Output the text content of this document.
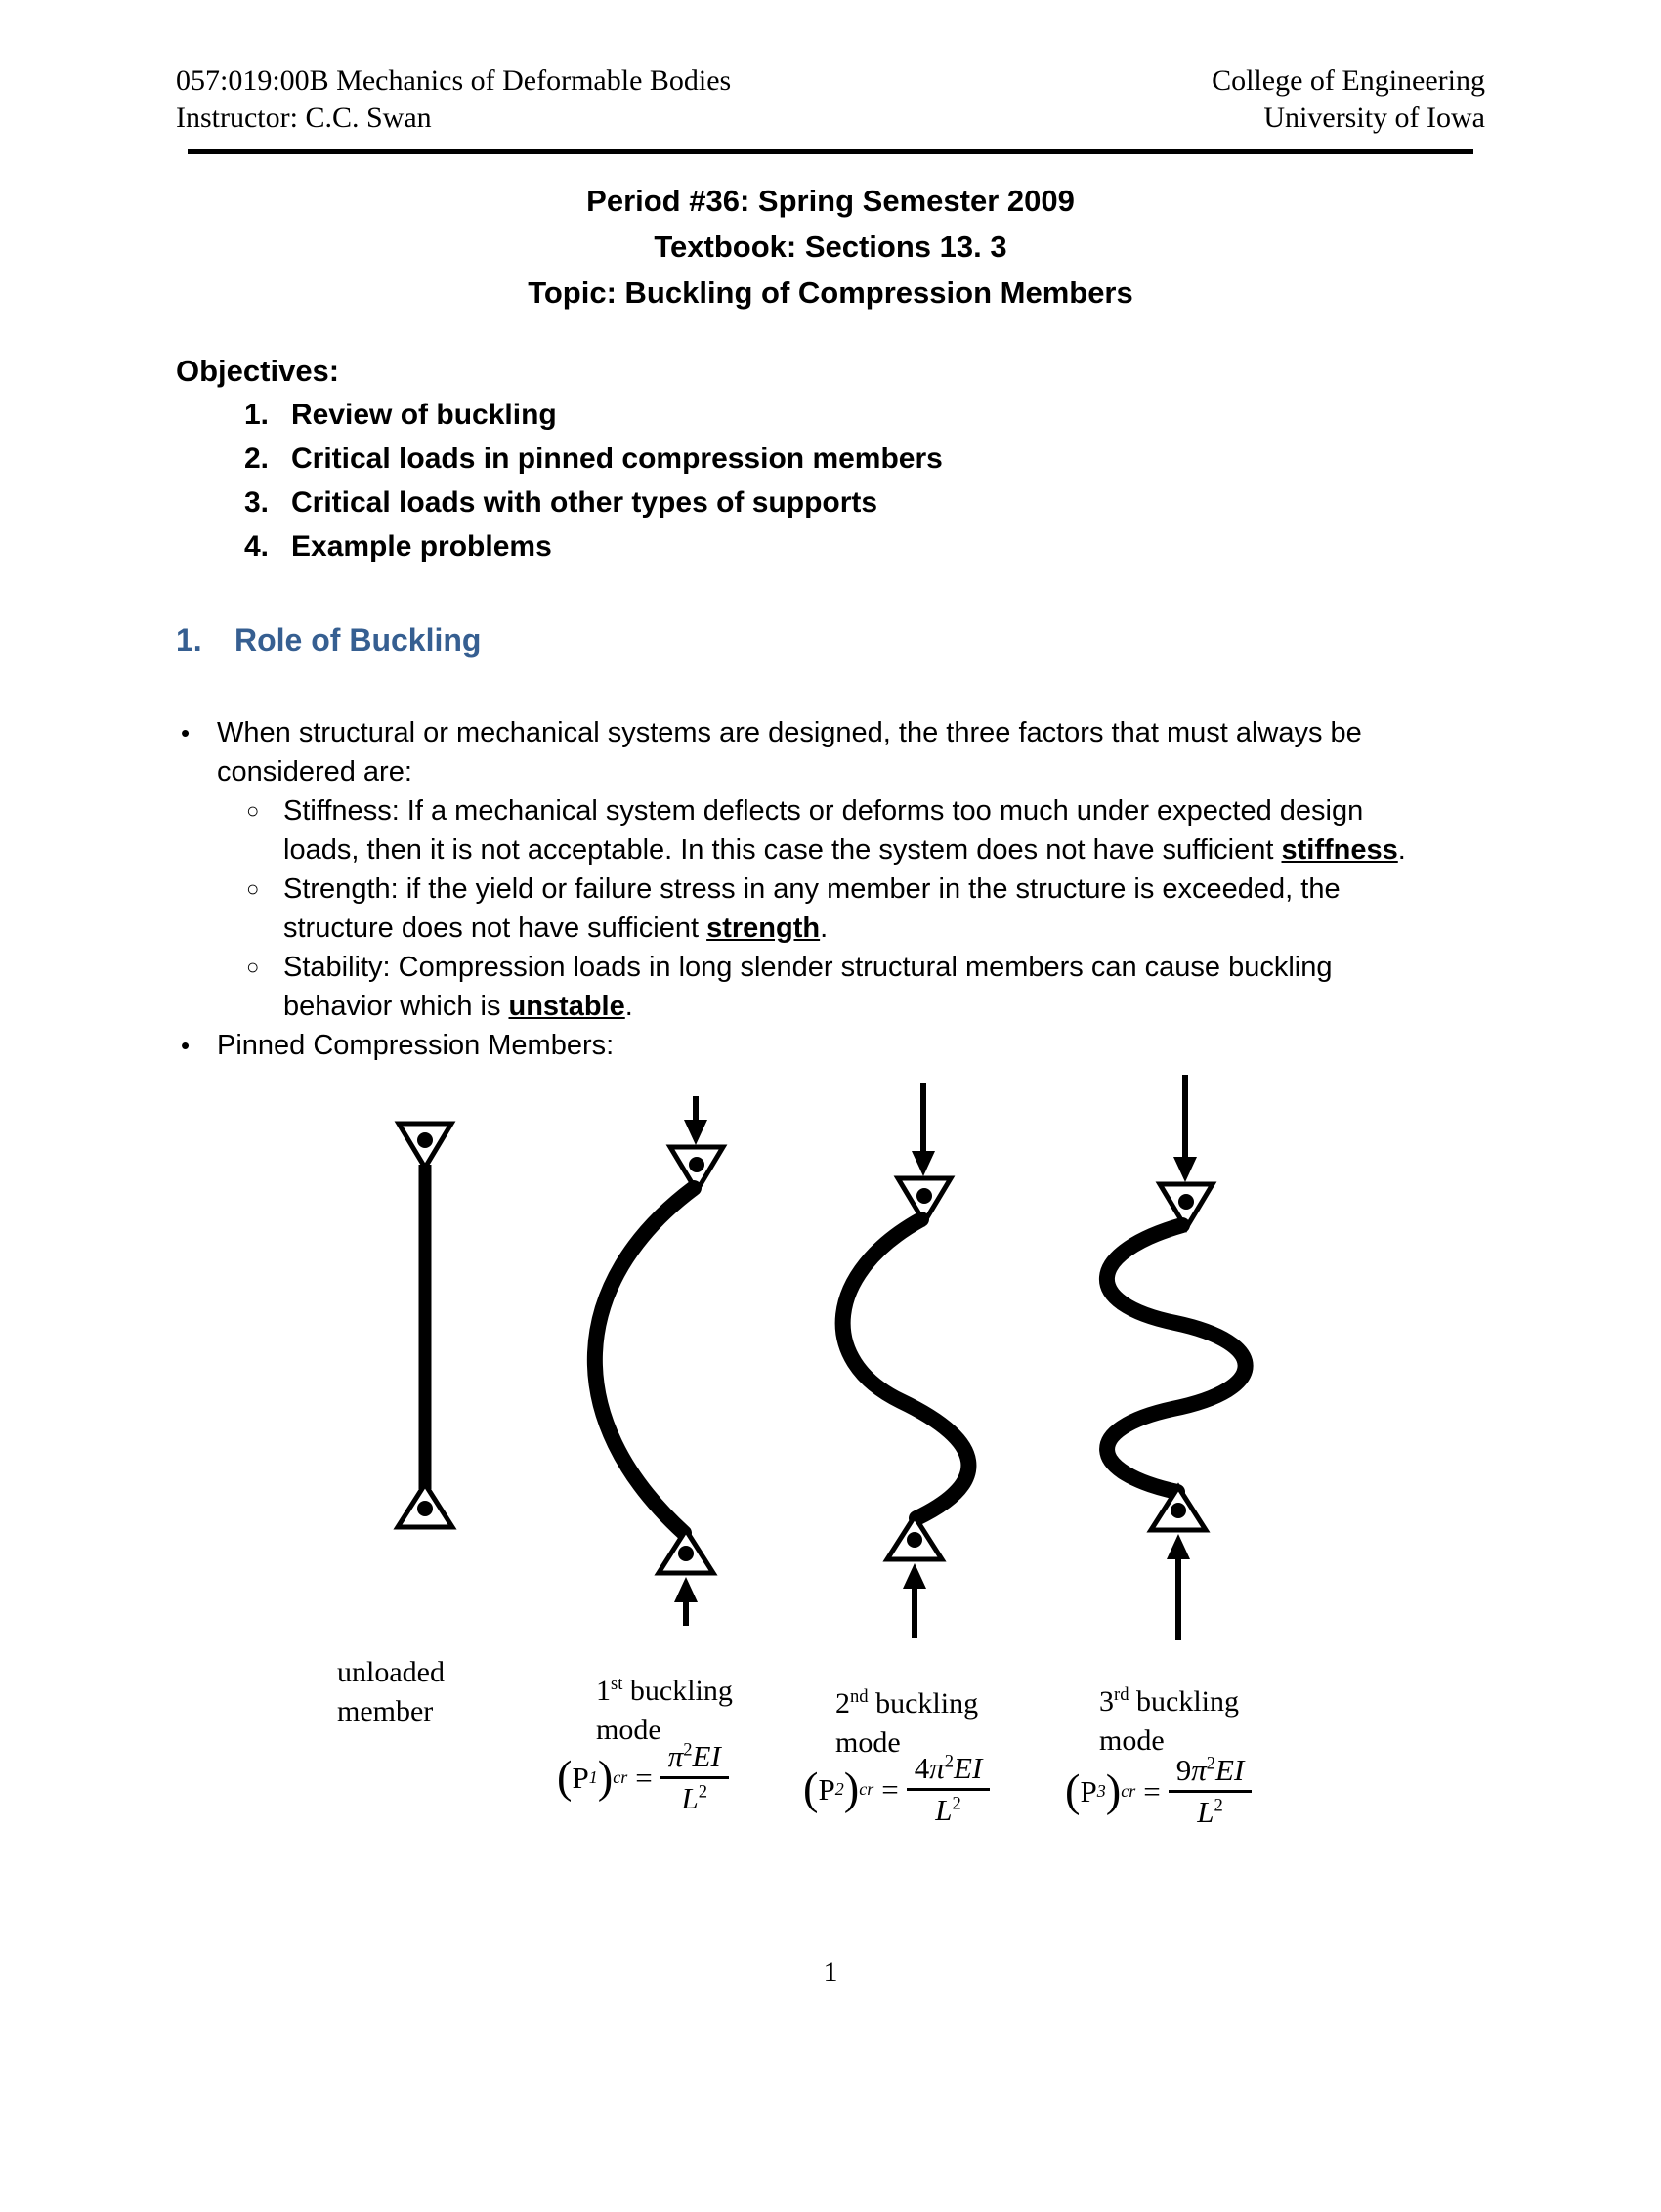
057:019:00B Mechanics of Deformable Bodies
Instructor: C.C. Swan
College of Engineering
University of Iowa
Period #36: Spring Semester 2009
Textbook: Sections 13. 3
Topic: Buckling of Compression Members
Objectives:
1. Review of buckling
2. Critical loads in pinned compression members
3. Critical loads with other types of supports
4. Example problems
1. Role of Buckling
• When structural or mechanical systems are designed, the three factors that must always be considered are:
○ Stiffness: If a mechanical system deflects or deforms too much under expected design loads, then it is not acceptable. In this case the system does not have sufficient stiffness.
○ Strength: if the yield or failure stress in any member in the structure is exceeded, the structure does not have sufficient strength.
○ Stability: Compression loads in long slender structural members can cause buckling behavior which is unstable.
• Pinned Compression Members:
unloaded
member
1st buckling
mode
2nd buckling
mode
3rd buckling
mode
( P 1 ) cr = $\frac{\pi^2EI}{L^2}$ ( P 2 ) cr = $\frac{4\pi^2EI}{L^2}$ ( P 3 ) cr = $\frac{9\pi^2EI}{L^2}$
1
